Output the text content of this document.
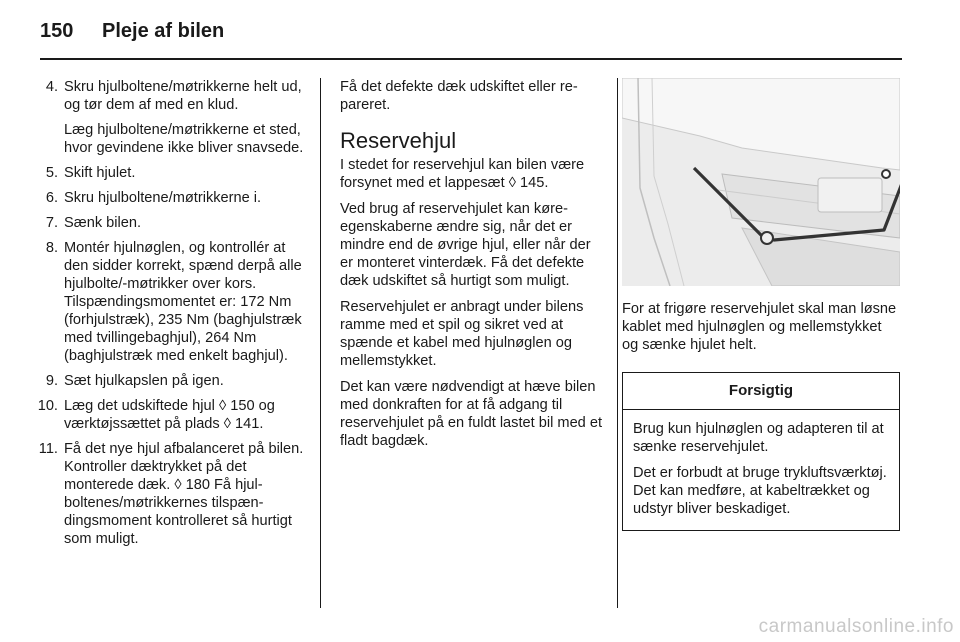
150	Pleje af bilen
4. Skru hjulboltene/møtrikkerne helt ud, og tør dem af med en klud.

Læg hjulboltene/møtrikkerne et sted, hvor gevindene ikke bliver snavsede.

5. Skift hjulet.

6. Skru hjulboltene/møtrikkerne i.

7. Sænk bilen.

8. Montér hjulnøglen, og kontrollér at den sidder korrekt, spænd derpå alle hjulbolte/-møtrikker over kors. Tilspændingsmomentet er: 172 Nm (forhjulstræk), 235 Nm (baghjulstræk med tvillingebaghjul), 264 Nm (baghjulstræk med enkelt baghjul).

9. Sæt hjulkapslen på igen.

10. Læg det udskiftede hjul ◊ 150 og værktøjssættet på plads ◊ 141.

11. Få det nye hjul afbalanceret på bilen. Kontroller dæktrykket på det monterede dæk. ◊ 180 Få hjulboltenes/møtrikkernes tilspændingsmoment kontrolleret så hurtigt som muligt.

Få det defekte dæk udskiftet eller repareret.

Reservehjul

I stedet for reservehjul kan bilen være forsynet med et lappesæt ◊ 145.

Ved brug af reservehjulet kan køreegenskaberne ændre sig, når det er mindre end de øvrige hjul, eller når der er monteret vinterdæk. Få det defekte dæk udskiftet så hurtigt som muligt.

Reservehjulet er anbragt under bilens ramme med et spil og sikret ved at spænde et kabel med hjulnøglen og mellemstykket.

Det kan være nødvendigt at hæve bilen med donkraften for at få adgang til reservehjulet på en fuldt lastet bil med et fladt bagdæk.

For at frigøre reservehjulet skal man løsne kablet med hjulnøglen og mellemstykket og sænke hjulet helt.

Forsigtig

Brug kun hjulnøglen og adapteren til at sænke reservehjulet.

Det er forbudt at bruge trykluftsværktøj. Det kan medføre, at kabeltrækket og udstyr bliver beskadiget.

carmanualsonline.info
